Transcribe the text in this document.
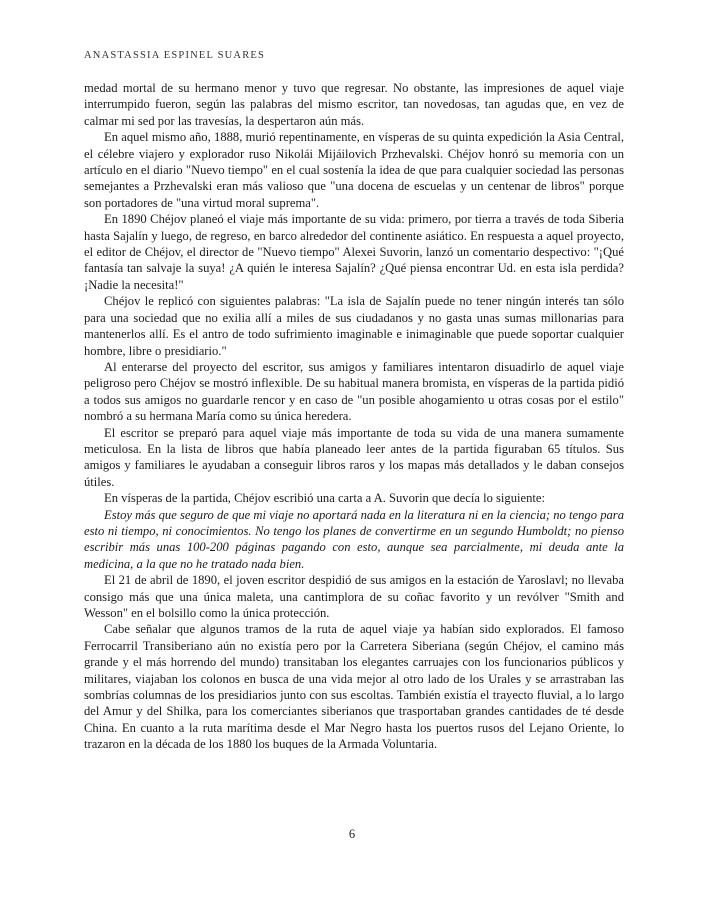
ANASTASSIA ESPINEL SUARES

medad mortal de su hermano menor y tuvo que regresar. No obstante, las impresiones de aquel viaje interrumpido fueron, según las palabras del mismo escritor, tan novedosas, tan agudas que, en vez de calmar mi sed por las travesías, la despertaron aún más.

En aquel mismo año, 1888, murió repentinamente, en vísperas de su quinta expedición la Asia Central, el célebre viajero y explorador ruso Nikolái Mijáilovich Przhevalski. Chéjov honró su memoria con un artículo en el diario "Nuevo tiempo" en el cual sostenía la idea de que para cualquier sociedad las personas semejantes a Przhevalski eran más valioso que "una docena de escuelas y un centenar de libros" porque son portadores de "una virtud moral suprema".

En 1890 Chéjov planeó el viaje más importante de su vida: primero, por tierra a través de toda Siberia hasta Sajalín y luego, de regreso, en barco alrededor del continente asiático. En respuesta a aquel proyecto, el editor de Chéjov, el director de "Nuevo tiempo" Alexei Suvorin, lanzó un comentario despectivo: "¡Qué fantasía tan salvaje la suya! ¿A quién le interesa Sajalín? ¿Qué piensa encontrar Ud. en esta isla perdida? ¡Nadie la necesita!"

Chéjov le replicó con siguientes palabras: "La isla de Sajalín puede no tener ningún interés tan sólo para una sociedad que no exilia allí a miles de sus ciudadanos y no gasta unas sumas millonarias para mantenerlos allí. Es el antro de todo sufrimiento imaginable e inimaginable que puede soportar cualquier hombre, libre o presidiario."

Al enterarse del proyecto del escritor, sus amigos y familiares intentaron disuadirlo de aquel viaje peligroso pero Chéjov se mostró inflexible. De su habitual manera bromista, en vísperas de la partida pidió a todos sus amigos no guardarle rencor y en caso de "un posible ahogamiento u otras cosas por el estilo" nombró a su hermana María como su única heredera.

El escritor se preparó para aquel viaje más importante de toda su vida de una manera sumamente meticulosa. En la lista de libros que había planeado leer antes de la partida figuraban 65 títulos. Sus amigos y familiares le ayudaban a conseguir libros raros y los mapas más detallados y le daban consejos útiles.

En vísperas de la partida, Chéjov escribió una carta a A. Suvorin que decía lo siguiente:

Estoy más que seguro de que mi viaje no aportará nada en la literatura ni en la ciencia; no tengo para esto ni tiempo, ni conocimientos. No tengo los planes de convertirme en un segundo Humboldt; no pienso escribir más unas 100-200 páginas pagando con esto, aunque sea parcialmente, mi deuda ante la medicina, a la que no he tratado nada bien.

El 21 de abril de 1890, el joven escritor despidió de sus amigos en la estación de Yaroslavl; no llevaba consigo más que una única maleta, una cantimplora de su coñac favorito y un revólver "Smith and Wesson" en el bolsillo como la única protección.

Cabe señalar que algunos tramos de la ruta de aquel viaje ya habían sido explorados. El famoso Ferrocarril Transiberiano aún no existía pero por la Carretera Siberiana (según Chéjov, el camino más grande y el más horrendo del mundo) transitaban los elegantes carruajes con los funcionarios públicos y militares, viajaban los colonos en busca de una vida mejor al otro lado de los Urales y se arrastraban las sombrías columnas de los presidiarios junto con sus escoltas. También existía el trayecto fluvial, a lo largo del Amur y del Shilka, para los comerciantes siberianos que trasportaban grandes cantidades de té desde China. En cuanto a la ruta marítima desde el Mar Negro hasta los puertos rusos del Lejano Oriente, lo trazaron en la década de los 1880 los buques de la Armada Voluntaria.

6
